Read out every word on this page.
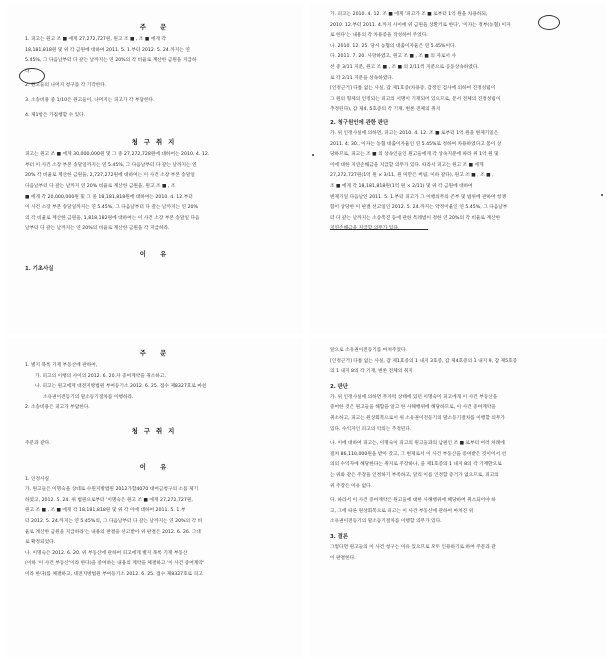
주 문

1. 피고는 원고 조 ■ 에게 27,272,727원, 원고 조 ■ , 조 ■ 에게 각

18,181,818원 및 위 각 금원에 대하여 2011. 5. 1.부터 2012. 5. 24.까지는 연

5.45%, 그 다음날부터 다 갚는 날까지는 연 20%의 각 비율로 계산한 금원을 지급하

라.

2. 원고들의 나머지 청구를 각 기각한다.

3. 소송비용 중 1/10은 원고들이, 나머지는 피고가 각 부담한다.

4. 제1항은 가집행할 수 있다.

청구취지

피고는 원고 조 ■ 에게 30,000,000원 및 그 중 27,272,728원에 대하여는 2010. 4. 12.

부터 이 사건 소장 부본 송달일까지는 연 5.45%, 그 다음날부터 다 갚는 날까지는 연

20% 각 비율로 계산한 금원을, 2,727,272원에 대하여는 이 사건 소장 부본 송달일

다음날부터 다 갚는 날까지 연 20% 비율로 계산한 금원을, 원고 조 ■ , 조

■ 에게 각 20,000,000원 및 그 중 18,181,818원에 대하여는 2010. 4. 12.부터

이 사건 소장 부본 송달일까지는 연 5.45%, 그 다음날부터 다 갚는 날까지는 연 20%

의 각 비율로 계산한 금원을, 1,818,182원에 대하여는 이 사건 소장 부본 송달일 다음

날부터 다 갚는 날까지는 연 20%의 비율로 계산한 금원을 각 지급하라.

이 유

1. 기초사실

가. 피고는 2010. 4. 12. 조 ■ 에게 '피고가 조 ■ 로부터 1억 원을 차용하되,

2010. 12.부터 2011. 4.까지 사이에 위 금원을 상환키로 한다', '이자는 정부(농협) 이자

로 한다'는 내용의 각 차용증을 작성하여 주었다.

나. 2010. 12. 25. 당시 농협의 대출이자율은 연 5.45%이다.

다. 2011. 7. 20. 사망하였고, 원고 조 ■ , 조 ■ 의 자로서 사

선 중 3/11 지분, 원고 조 ■ , 조 ■ 의 2/11씩 지분으로 공동상속하였다.

로 각 2/11 지분을 상속하였다.

[인정근거] 다툼 없는 사실, 갑 제1호증(차용증, 감정인 검사에 의하여 진정성립이

그 원의 형제의 인정되는 피고의 서명이 기재되어 있으므로, 문서 전체의 진정성립이

추정된다), 갑 제4, 5호증의 각 기재, 변론 전체의 취지

2. 청구원인에 관한 판단

가. 위 인정사실에 의하면, 피고는 2010. 4. 12. 조 ■ 로부터 1억 원을 변제기일은

2011. 4. 30., 이자는 농협 대출이자율인 연 5.45%로 정하여 차용하였다고 봄이 상

당하므로, 피고는 조 ■ 의 상속인들인 원고들에게 각 상속지분에 따라 위 1억 원 및

이에 대한 지연손해금을 지급할 의무가 있다. 따라서 피고는 원고 조 ■ 에게

27,272,727원(1억 원 × 3/11, 원 미만은 버림, 이하 같다), 원고 조 ■ , 조 ■ ,

조 ■ 에게 각 18,181,818원(1억 원 × 2/11) 및 위 각 금원에 대하여

변제기일 다음날인 2011. 5. 1.부터 피고가 그 이행의무의 존부 및 범위에 관하여 항쟁

함이 상당한 이 판결 선고일인 2012. 5. 24.까지는 약정이율인 연 5.45%, 그 다음날부

터 다 갚는 날까지는 소송촉진 등에 관한 특례법이 정한 연 20%의 각 비율로 계산한

지연손해금을 지급할 의무가 있다.

주 문

1. 별지 목록 기재 부동산에 관하여,

가. 피고의 이행의 사이의 2012. 6. 20.자 증여계약을 취소하고,

나. 피고는 원고에게 대전지방법원 부여등기소 2012. 6. 25. 접수 제8327호로 마친

소유권이전등기의 말소등기절차를 이행하라.

2. 소송비용은 피고가 부담한다.

청구취지

주문과 같다.

이 유

1. 인정사실

가. 원고들은 이명숙을 상대로 수원지방법원 2012가합4070 대여금청구의 소를 제기

하였고, 2012. 5. 24. 위 법원으로부터 '이명숙은 원고 조 ■ 에게 27,272,727원,

원고 조 ■ , 조 ■ 에게 각 18,181,818원 및 위 각 이에 대하여 2011. 5. 1.부

터 2012. 5. 24.까지는 연 5.45%의, 그 다음날부터 다 갚는 날까지는 연 20%의 각 비

율로 계산한 금원을 지급하라'는 내용의 판결을 선고받아 위 판결은 2012. 6. 26. 그대

로 확정되었다.

나. 이명숙은 2012. 6. 20. 위 부동산에 관하여 피고에게 별지 목록 기재 부동산

(이하 '이 사건 부동산'이라 한다)을 증여하는 내용의 계약을 체결하고 '이 사건 증여계약'

이라 한다)를 체결하고, 대전지방법원 부여등기소 2012. 6. 25. 접수 제8327호로 피고

앞으로 소유권이전등기를 마쳐주었다.

[인정근거] 다툼 없는 사실, 갑 제1호증의 1 내지 3호증, 갑 제4호증의 1 내지 9, 갑 제5호증

의 1 내지 8의 각 기재, 변론 전체의 취지

2. 판단

가. 위 인정사실에 의하면 무자력 상태에 있던 이명숙이 피고에게 이 사건 부동산을

증여한 것은 원고들을 해함을 알고 한 사해행위에 해당하므로, 이 사건 증여계약을

취소하고, 피고는 원상회복으로서 위 소유권이전등기의 말소등기절차를 이행할 의무가

있다. 수익자인 피고의 악의는 추정된다.

나. 이에 대하여 피고는, 이명숙이 피고의 원고들과의 남편인 조 ■ 로부터 여러 차례에

걸쳐 86,110,000원을 받아 갔고, 그 변제로서 이 사건 부동산을 증여받은 것이어서 선

의의 수익자에 해당한다는 취지로 주장하나, 을 제1호증의 1 내지 8의 각 기재만으로

는 위와 같은 주장을 인정하기 부족하고, 달리 이를 인정할 증거가 없으므로, 피고의

위 주장은 이유 없다.

다. 따라서 이 사건 증여계약은 원고들에 대한 사해행위에 해당하여 취소되어야 하

고, 그에 따른 원상회복으로 피고는 이 사건 부동산에 관하여 마쳐진 위

소유권이전등기의 말소등기절차를 이행할 의무가 있다.

3. 결론

그렇다면 원고들의 이 사건 청구는 이유 있으므로 모두 인용하기로 하여 주문과 같

이 판결한다.
